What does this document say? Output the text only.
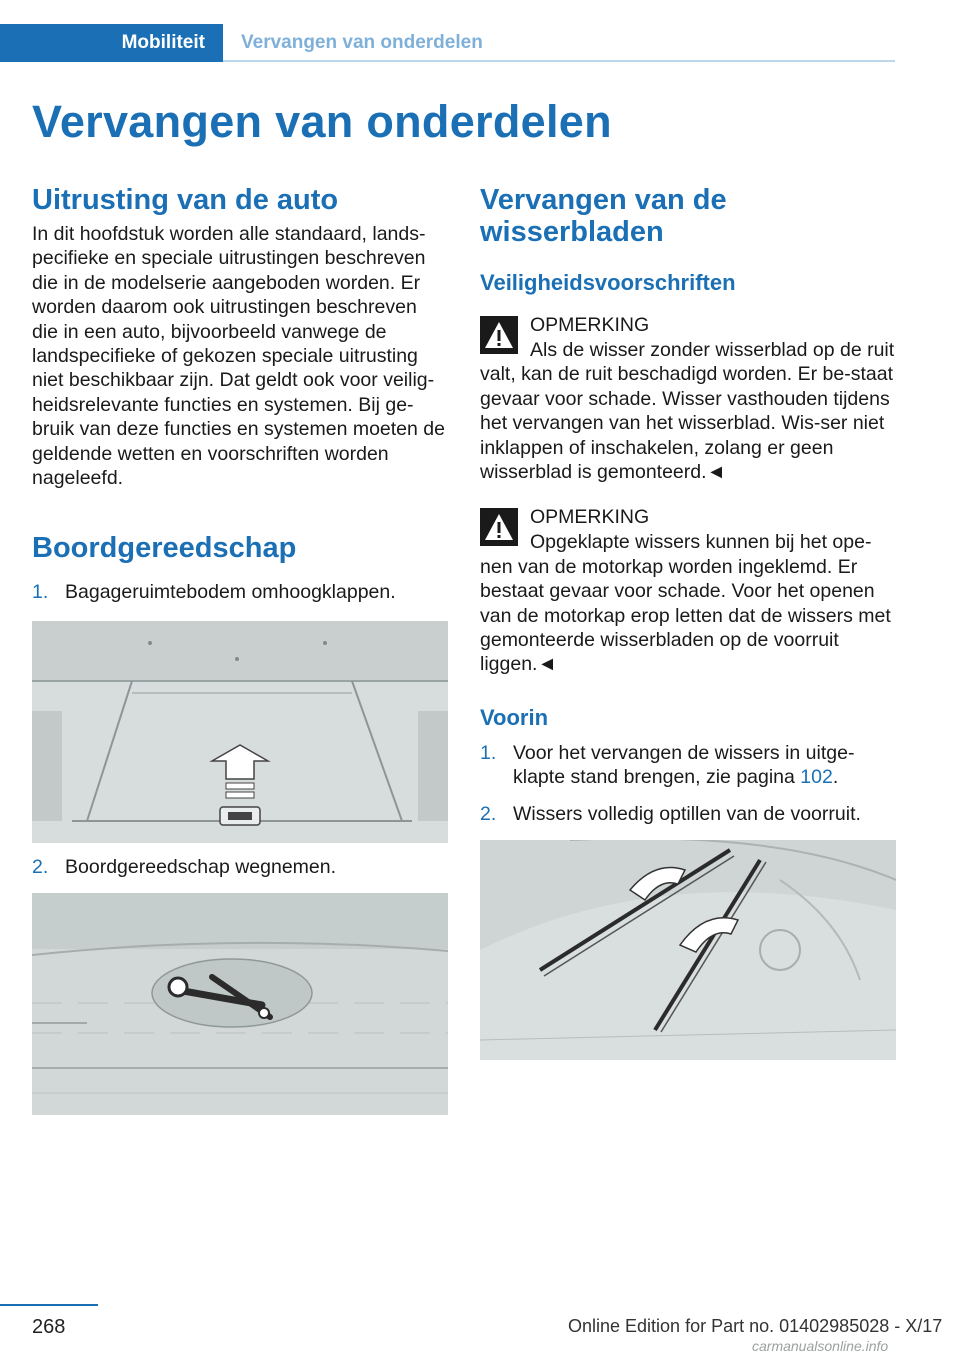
Mobiliteit Vervangen van onderdelen
Vervangen van onderdelen
Uitrusting van de auto

In dit hoofdstuk worden alle standaard, lands-pecifieke en speciale uitrustingen beschreven die in de modelserie aangeboden worden. Er worden daarom ook uitrustingen beschreven die in een auto, bijvoorbeeld vanwege de landspecifieke of gekozen speciale uitrusting niet beschikbaar zijn. Dat geldt ook voor veilig-heidsrelevante functies en systemen. Bij ge-bruik van deze functies en systemen moeten de geldende wetten en voorschriften worden nageleefd.

Boordgereedschap
1. Bagageruimtebodem omhoogklappen.
2. Boordgereedschap wegnemen.
Vervangen van de wisserbladen
Veiligheidsvoorschriften
OPMERKING

Als de wisser zonder wisserblad op de ruit valt, kan de ruit beschadigd worden. Er be-staat gevaar voor schade. Wisser vasthouden tijdens het vervangen van het wisserblad. Wis-ser niet inklappen of inschakelen, zolang er geen wisserblad is gemonteerd.◄

OPMERKING

Opgeklapte wissers kunnen bij het ope-nen van de motorkap worden ingeklemd. Er bestaat gevaar voor schade. Voor het openen van de motorkap erop letten dat de wissers met gemonteerde wisserbladen op de voorruit liggen.◄

Voorin
1. Voor het vervangen de wissers in uitge-klapte stand brengen, zie pagina 102.
2. Wissers volledig optillen van de voorruit.
268	Online Edition for Part no. 01402985028 - X/17
carmanualsonline.info
